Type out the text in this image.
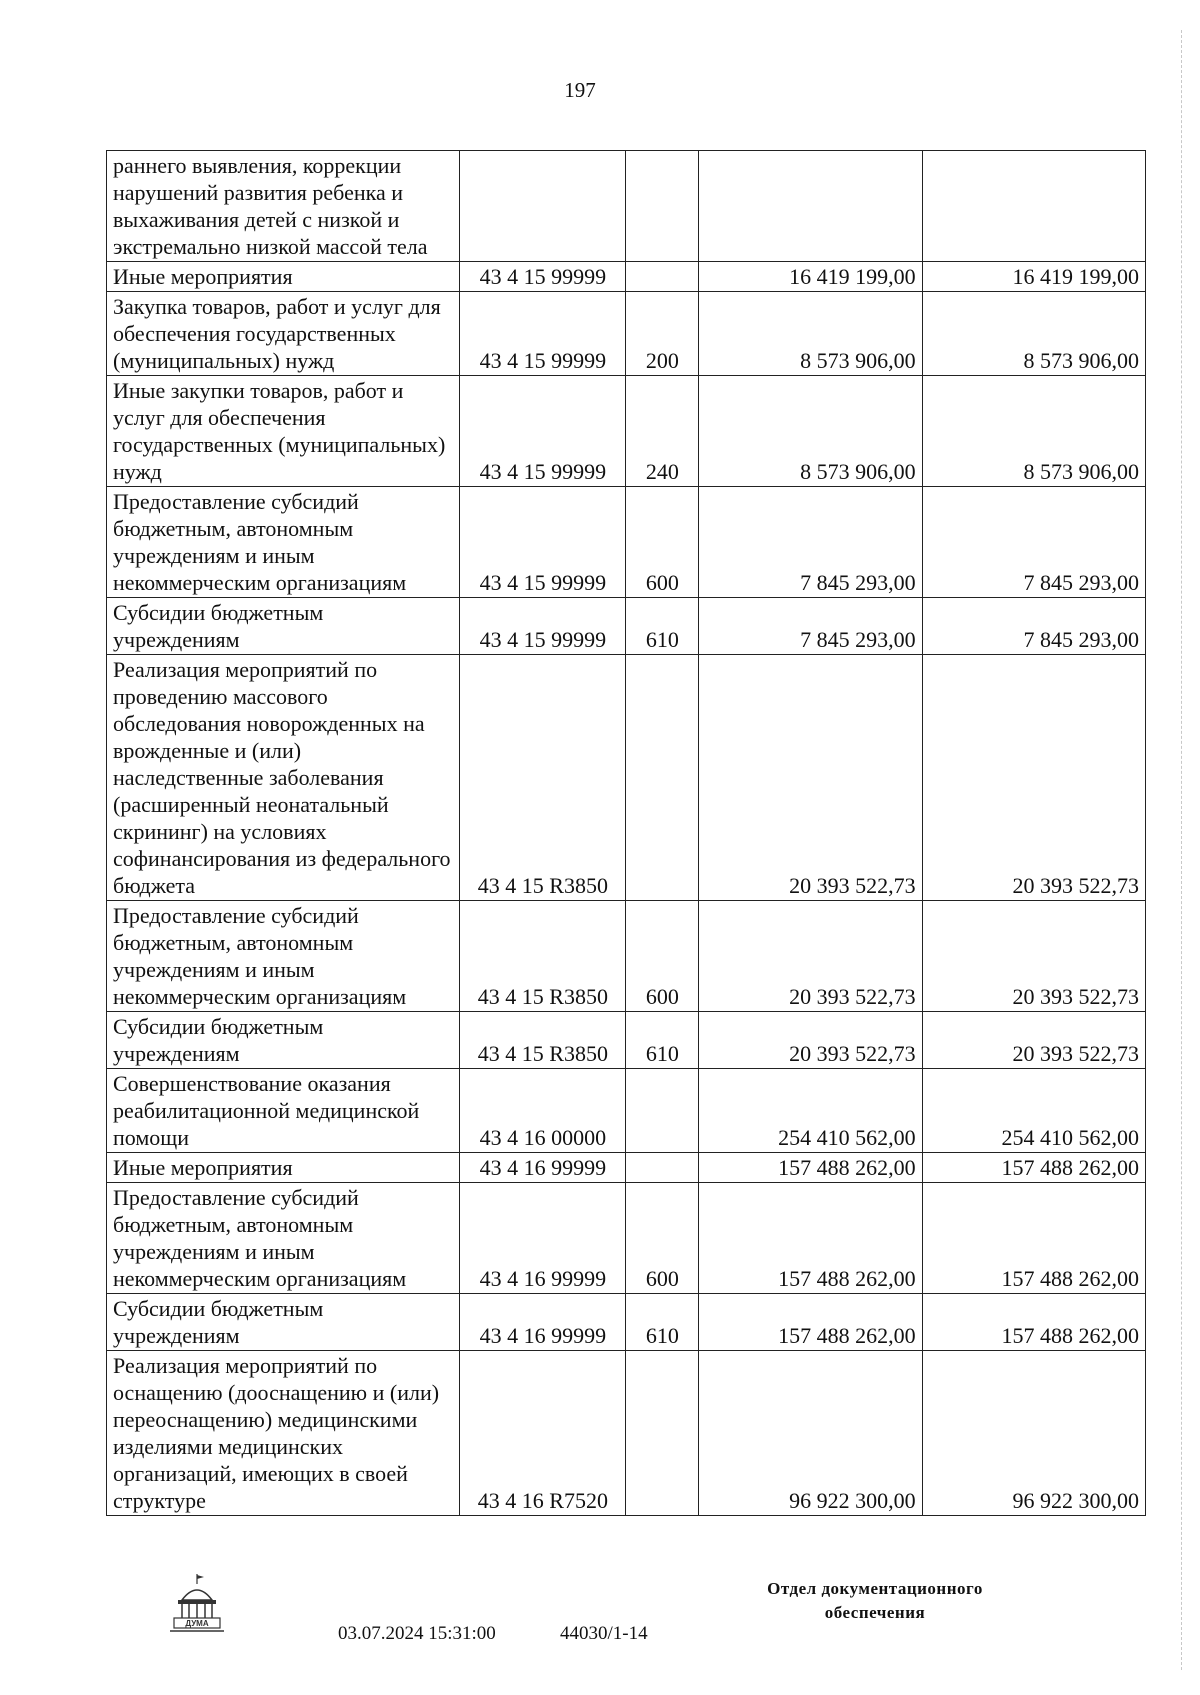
197
раннего выявления, коррекции нарушений развития ребенка и выхаживания детей с низкой и экстремально низкой массой тела				
Иные мероприятия	43 4 15 99999		16 419 199,00	16 419 199,00
Закупка товаров, работ и услуг для обеспечения государственных (муниципальных) нужд	43 4 15 99999	200	8 573 906,00	8 573 906,00
Иные закупки товаров, работ и услуг для обеспечения государственных (муниципальных) нужд	43 4 15 99999	240	8 573 906,00	8 573 906,00
Предоставление субсидий бюджетным, автономным учреждениям и иным некоммерческим организациям	43 4 15 99999	600	7 845 293,00	7 845 293,00
Субсидии бюджетным учреждениям	43 4 15 99999	610	7 845 293,00	7 845 293,00
Реализация мероприятий по проведению массового обследования новорожденных на врожденные и (или) наследственные заболевания (расширенный неонатальный скрининг) на условиях софинансирования из федерального бюджета	43 4 15 R3850		20 393 522,73	20 393 522,73
Предоставление субсидий бюджетным, автономным учреждениям и иным некоммерческим организациям	43 4 15 R3850	600	20 393 522,73	20 393 522,73
Субсидии бюджетным учреждениям	43 4 15 R3850	610	20 393 522,73	20 393 522,73
Совершенствование оказания реабилитационной медицинской помощи	43 4 16 00000		254 410 562,00	254 410 562,00
Иные мероприятия	43 4 16 99999		157 488 262,00	157 488 262,00
Предоставление субсидий бюджетным, автономным учреждениям и иным некоммерческим организациям	43 4 16 99999	600	157 488 262,00	157 488 262,00
Субсидии бюджетным учреждениям	43 4 16 99999	610	157 488 262,00	157 488 262,00
Реализация мероприятий по оснащению (дооснащению и (или) переоснащению) медицинскими изделиями медицинских организаций, имеющих в своей структуре	43 4 16 R7520		96 922 300,00	96 922 300,00
ДУМА	03.07.2024 15:31:00	44030/1-14
Отдел документационного обеспечения
